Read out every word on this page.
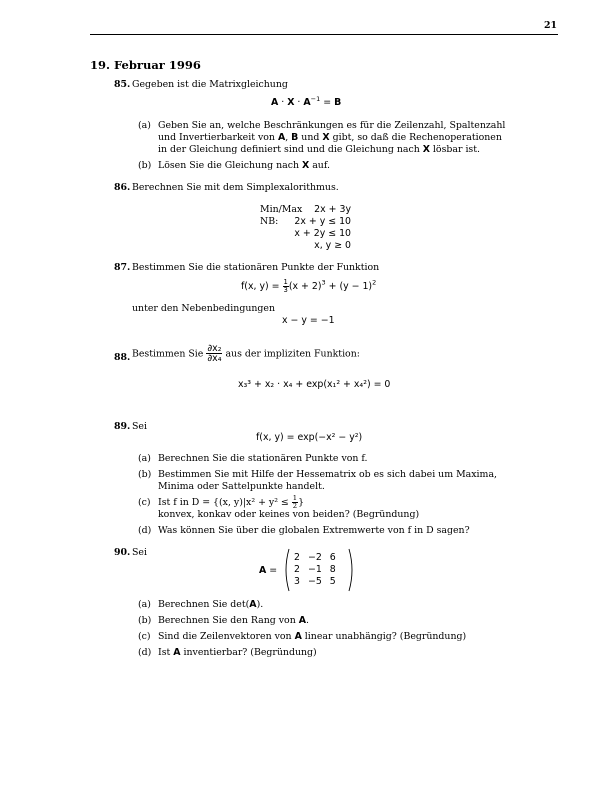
21
19. Februar 1996
85. Gegeben ist die Matrixgleichung
$A \cdot X \cdot A^{-1} = B$
(a) Geben Sie an, welche Beschränkungen es für die Zeilenzahl, Spaltenzahl
und Invertierbarkeit von A, B und X gibt, so daß die Rechenoperationen
in der Gleichung definiert sind und die Gleichung nach X lösbar ist.
(b) Lösen Sie die Gleichung nach X auf.
86. Berechnen Sie mit dem Simplexalorithmus.
Min/Max 2x + 3y
NB: 2x + y ≤ 10
x + 2y ≤ 10
x, y ≥ 0
87. Bestimmen Sie die stationären Punkte der Funktion
f(x, $y) = \frac{1}{3} (x + 2)^3 + (y - 1)^2$
unter den Nebenbedingungen
x − y = −1
88. Bestimmen Sie $\frac{\text{∂x₂}}{\text{∂x₄}}$ aus der impliziten Funktion:
x₃³ + x₂ · x₄ + exp(x₁² + x₄²) = 0
89. Sei
f(x, y) = exp(−x² − y²)
(a) Berechnen Sie die stationären Punkte von f.
(b) Bestimmen Sie mit Hilfe der Hessematrix ob es sich dabei um Maxima,
Minima oder Sattelpunkte handelt.
(c) Ist f in D = {(x, $y)|x^2 + y^2 \le \frac{1}{2}$ }
konvex, konkav oder keines von beiden? (Begründung)
(d) Was können Sie über die globalen Extremwerte von f in D sagen?
90. Sei
A =
2	−2	6
2	−1	8
3	−5	5
(a) Berechnen Sie det(A).
(b) Berechnen Sie den Rang von A.
(c) Sind die Zeilenvektoren von A linear unabhängig? (Begründung)
(d) Ist A inventierbar? (Begründung)
